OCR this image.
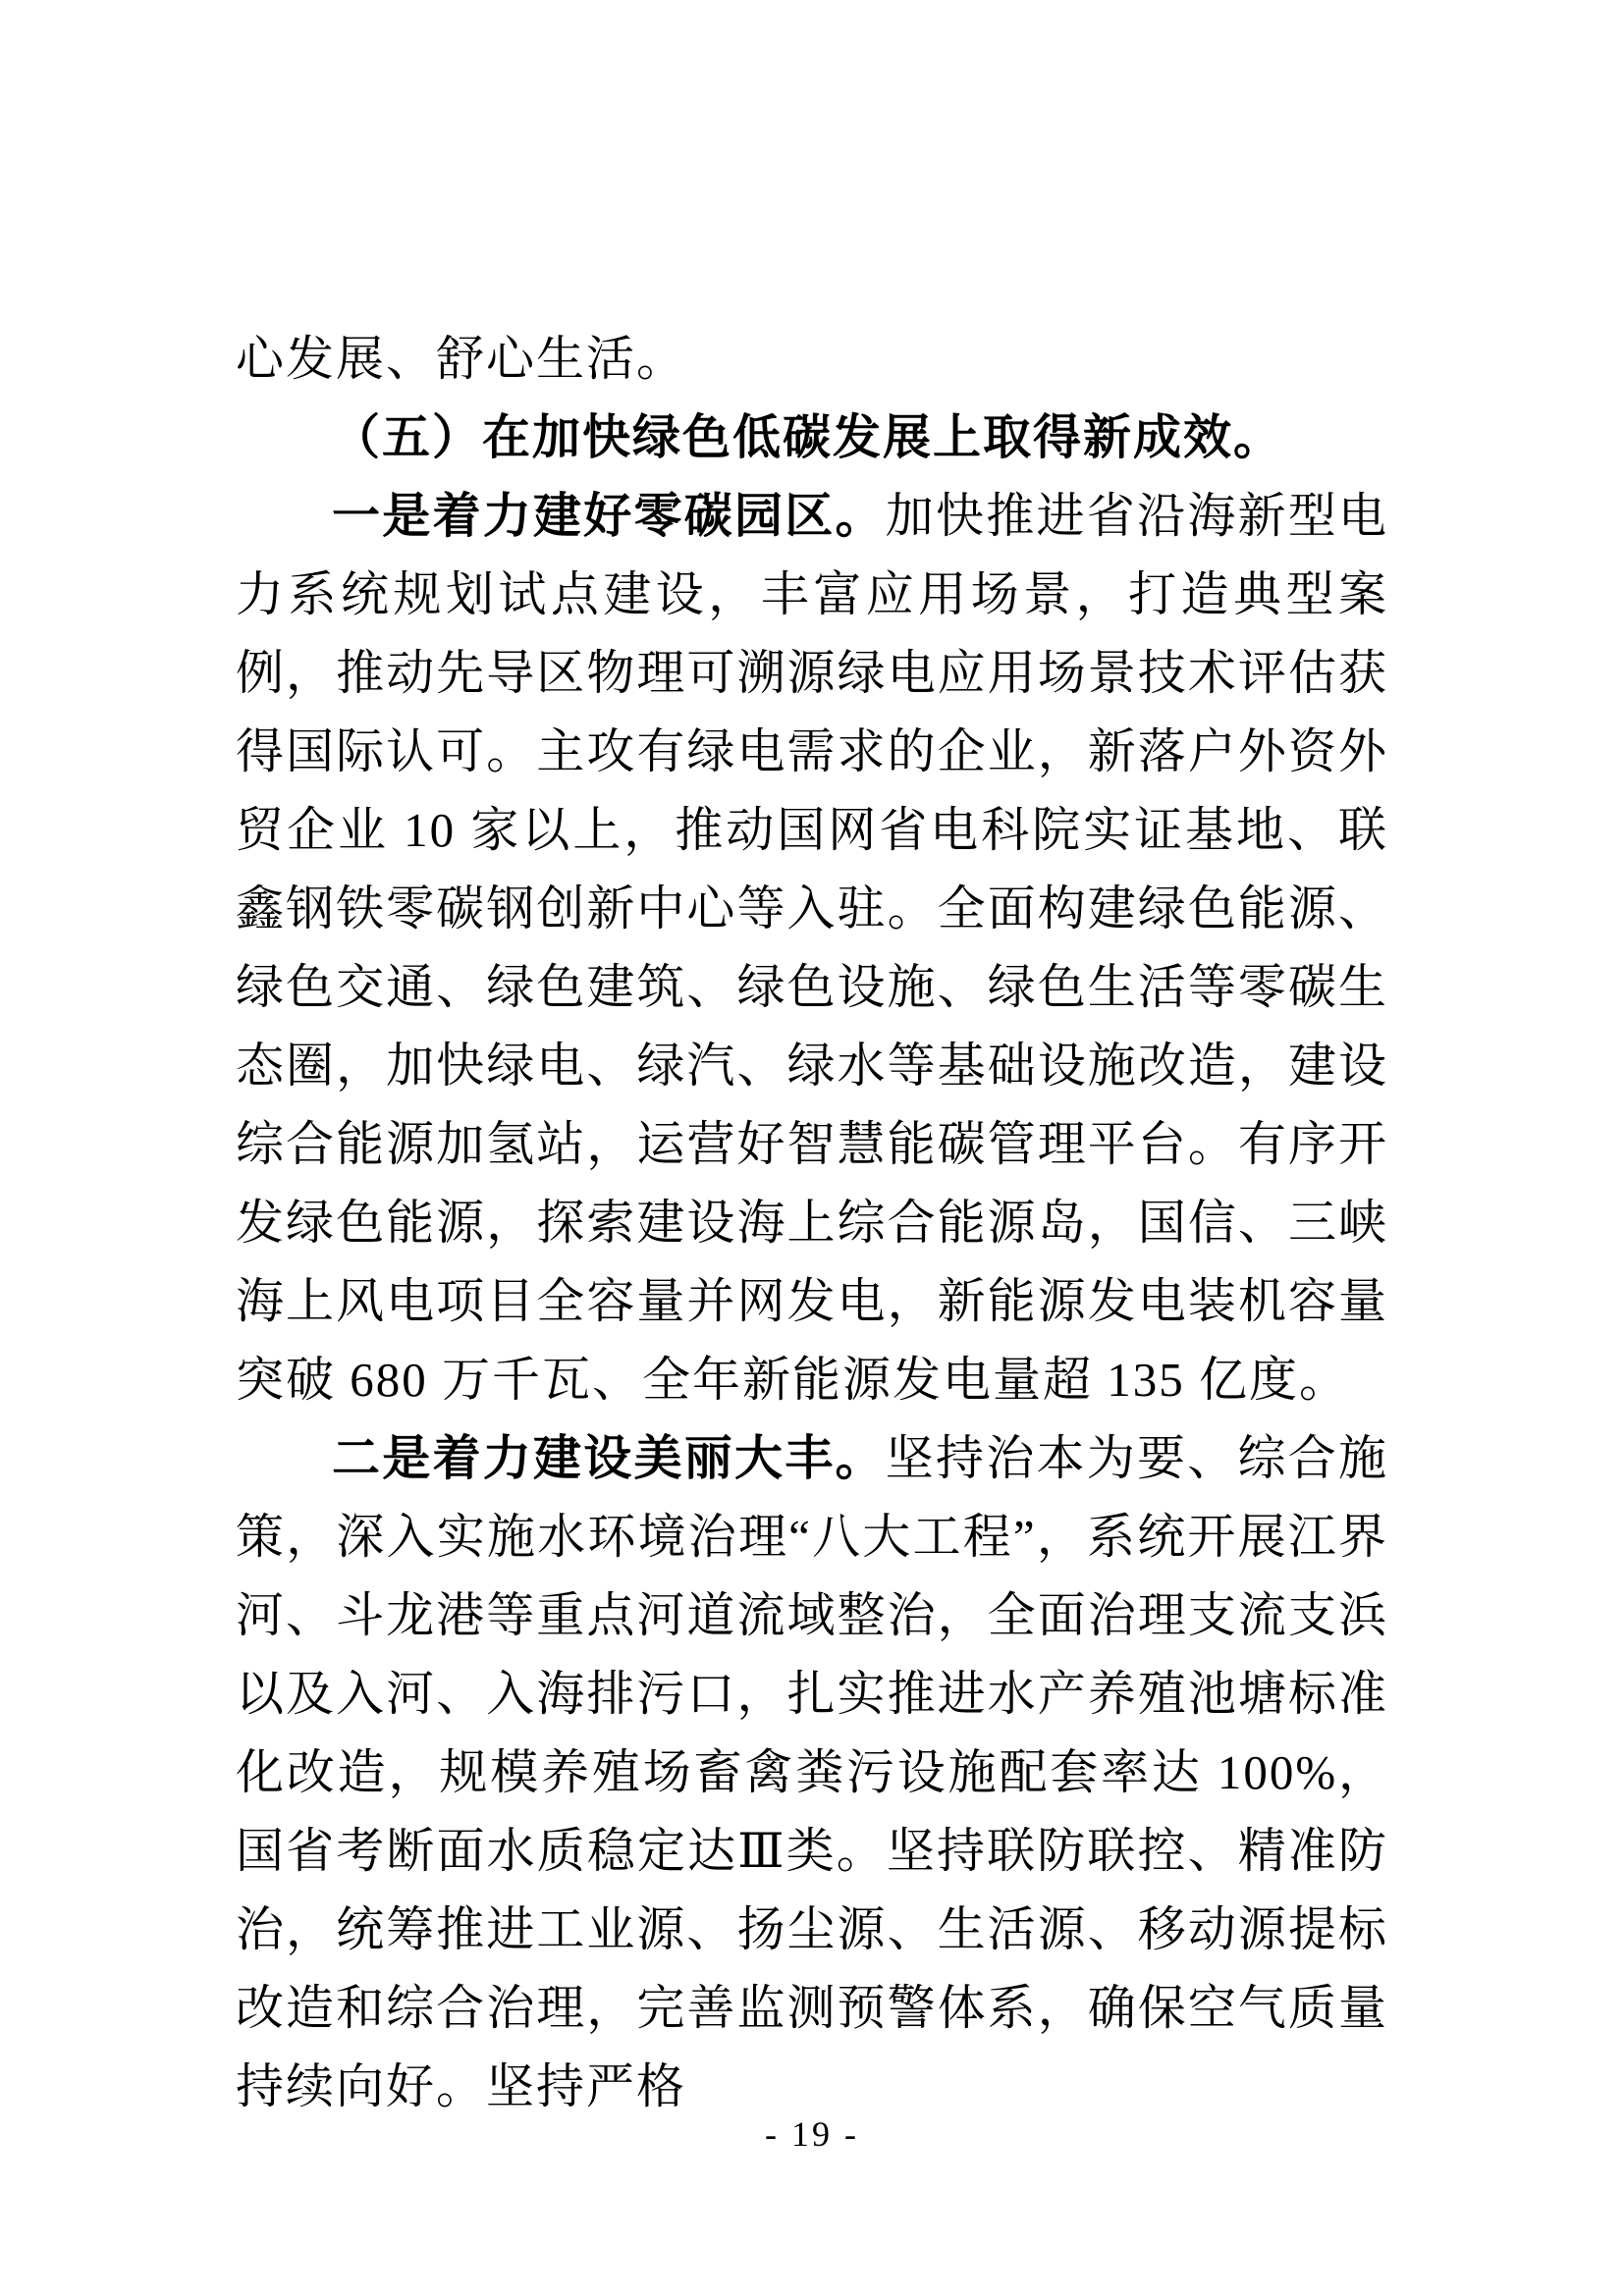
心发展、舒心生活。

（五）在加快绿色低碳发展上取得新成效。

一是着力建好零碳园区。加快推进省沿海新型电力系统规划试点建设，丰富应用场景，打造典型案例，推动先导区物理可溯源绿电应用场景技术评估获得国际认可。主攻有绿电需求的企业，新落户外资外贸企业 10 家以上，推动国网省电科院实证基地、联鑫钢铁零碳钢创新中心等入驻。全面构建绿色能源、绿色交通、绿色建筑、绿色设施、绿色生活等零碳生态圈，加快绿电、绿汽、绿水等基础设施改造，建设综合能源加氢站，运营好智慧能碳管理平台。有序开发绿色能源，探索建设海上综合能源岛，国信、三峡海上风电项目全容量并网发电，新能源发电装机容量突破 680 万千瓦、全年新能源发电量超 135 亿度。

二是着力建设美丽大丰。坚持治本为要、综合施策，深入实施水环境治理“八大工程”，系统开展江界河、斗龙港等重点河道流域整治，全面治理支流支浜以及入河、入海排污口，扎实推进水产养殖池塘标准化改造，规模养殖场畜禽粪污设施配套率达 100%，国省考断面水质稳定达Ⅲ类。坚持联防联控、精准防治，统筹推进工业源、扬尘源、生活源、移动源提标改造和综合治理，完善监测预警体系，确保空气质量持续向好。坚持严格

- 19 -
